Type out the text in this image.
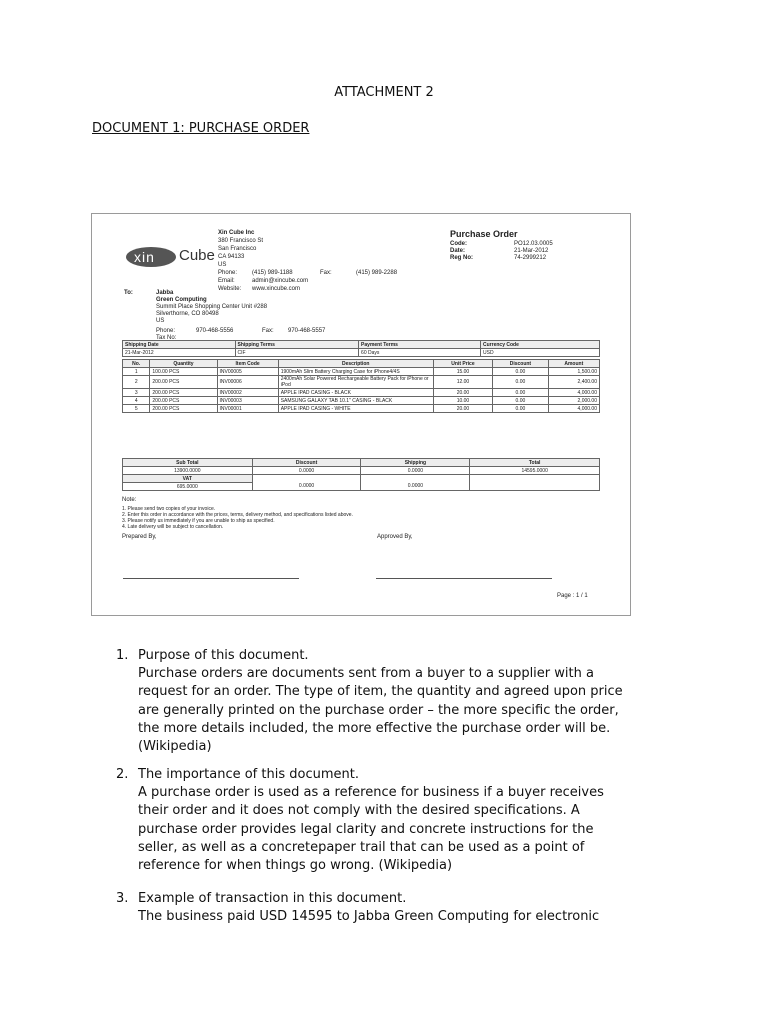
ATTACHMENT 2
DOCUMENT 1: PURCHASE ORDER
xin Cube
Xin Cube Inc
380 Francisco St
San Francisco
CA 94133
US
Phone: (415) 989-1188	Fax:	(415) 989-2288
Email:	admin@xincube.com
Website: www.xincube.com
Purchase Order
Code:	PO12.03.0005
Date:	21-Mar-2012
Reg No:	74-2999212
To:	Jabba
Green Computing
Summit Place Shopping Center Unit #288
Silverthorne, CO 80498
US
Phone:	970-468-5556	Fax: 970-468-5557
Tax No:
Shipping Date	Shipping Terms	Payment Terms	Currency Code
21-Mar-2012	CIF	60 Days	USD
No.	Quantity	Item Code	Description	Unit Price	Discount	Amount
1	100.00 PCS	INV00005	1900mAh Slim Battery Charging Case for iPhone4/4S	15.00	0.00	1,500.00
2	200.00 PCS	INV00006	2400mAh Solar Powered Rechargeable Battery Pack for iPhone or iPod	12.00	0.00	2,400.00
3	200.00 PCS	INV00002	APPLE IPAD CASING - BLACK	20.00	0.00	4,000.00
4	200.00 PCS	INV00003	SAMSUNG GALAXY TAB 10.1" CASING - BLACK	10.00	0.00	2,000.00
5	200.00 PCS	INV00001	APPLE IPAD CASING - WHITE	20.00	0.00	4,000.00
Sub Total	Discount	Shipping	Total
13900.0000	0.0000	0.0000	14595.0000
VAT			
695.0000	0.0000	0.0000	
Note:
1. Please send two copies of your invoice.
2. Enter this order in accordance with the prices, terms, delivery method, and specifications listed above.
3. Please notify us immediately if you are unable to ship as specified.
4. Late delivery will be subject to cancellation.
Prepared By,	Approved By,
Page : 1 / 1
1. Purpose of this document.
Purchase orders are documents sent from a buyer to a supplier with a
request for an order. The type of item, the quantity and agreed upon price
are generally printed on the purchase order – the more specific the order,
the more details included, the more effective the purchase order will be.
(Wikipedia)
2. The importance of this document.
A purchase order is used as a reference for business if a buyer receives
their order and it does not comply with the desired specifications. A
purchase order provides legal clarity and concrete instructions for the
seller, as well as a concretepaper trail that can be used as a point of
reference for when things go wrong. (Wikipedia)
3. Example of transaction in this document.
The business paid USD 14595 to Jabba Green Computing for electronic
